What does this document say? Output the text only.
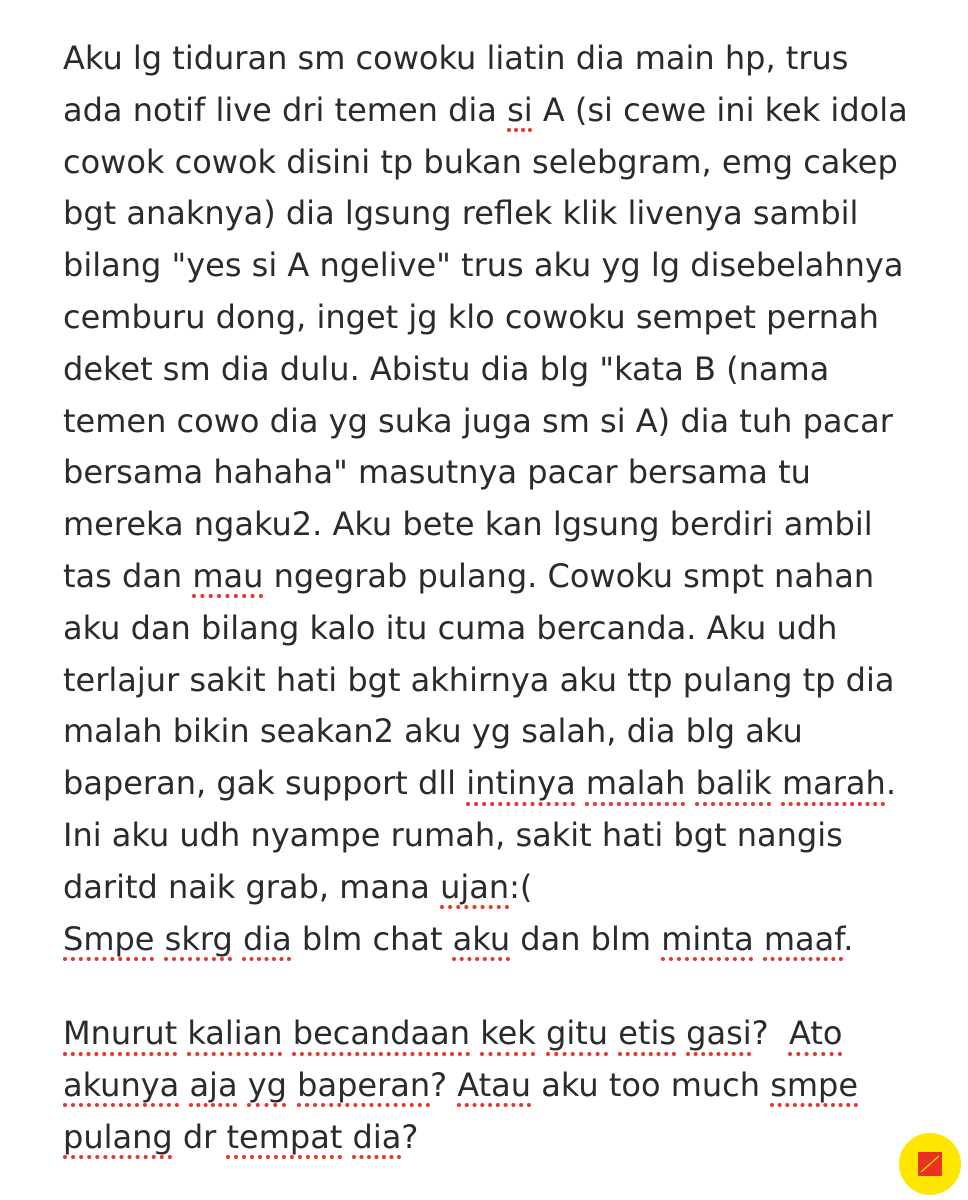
Aku lg tiduran sm cowoku liatin dia main hp, trus
ada notif live dri temen dia si A (si cewe ini kek idola
cowok cowok disini tp bukan selebgram, emg cakep
bgt anaknya) dia lgsung reflek klik livenya sambil
bilang "yes si A ngelive" trus aku yg lg disebelahnya
cemburu dong, inget jg klo cowoku sempet pernah
deket sm dia dulu. Abistu dia blg "kata B (nama
temen cowo dia yg suka juga sm si A) dia tuh pacar
bersama hahaha" masutnya pacar bersama tu
mereka ngaku2. Aku bete kan lgsung berdiri ambil
tas dan mau ngegrab pulang. Cowoku smpt nahan
aku dan bilang kalo itu cuma bercanda. Aku udh
terlajur sakit hati bgt akhirnya aku ttp pulang tp dia
malah bikin seakan2 aku yg salah, dia blg aku
baperan, gak support dll intinya malah balik marah.
Ini aku udh nyampe rumah, sakit hati bgt nangis
daritd naik grab, mana ujan:(
Smpe skrg dia blm chat aku dan blm minta maaf.
Mnurut kalian becandaan kek gitu etis gasi?  Ato
akunya aja yg baperan? Atau aku too much smpe
pulang dr tempat dia?
